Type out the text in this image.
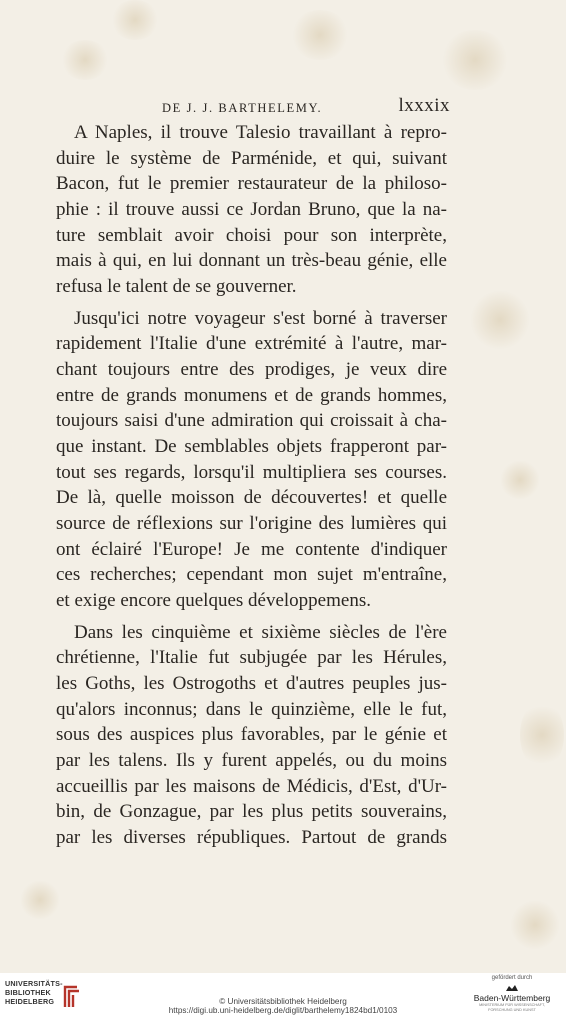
DE J. J. BARTHELEMY.	lxxxix
A Naples, il trouve Talesio travaillant à repro-
duire le système de Parménide, et qui, suivant
Bacon, fut le premier restaurateur de la philoso-
phie : il trouve aussi ce Jordan Bruno, que la na-
ture semblait avoir choisi pour son interprète,
mais à qui, en lui donnant un très-beau génie, elle
refusa le talent de se gouverner.
Jusqu'ici notre voyageur s'est borné à traverser
rapidement l'Italie d'une extrémité à l'autre, mar-
chant toujours entre des prodiges, je veux dire
entre de grands monumens et de grands hommes,
toujours saisi d'une admiration qui croissait à cha-
que instant. De semblables objets frapperont par-
tout ses regards, lorsqu'il multipliera ses courses.
De là, quelle moisson de découvertes! et quelle
source de réflexions sur l'origine des lumières qui
ont éclairé l'Europe! Je me contente d'indiquer
ces recherches; cependant mon sujet m'entraîne,
et exige encore quelques développemens.
Dans les cinquième et sixième siècles de l'ère
chrétienne, l'Italie fut subjugée par les Hérules,
les Goths, les Ostrogoths et d'autres peuples jus-
qu'alors inconnus; dans le quinzième, elle le fut,
sous des auspices plus favorables, par le génie et
par les talens. Ils y furent appelés, ou du moins
accueillis par les maisons de Médicis, d'Est, d'Ur-
bin, de Gonzague, par les plus petits souverains,
par les diverses républiques. Partout de grands
UNIVERSITÄTS-
BIBLIOTHEK
HEIDELBERG	© Universitätsbibliothek Heidelberg
https://digi.ub.uni-heidelberg.de/diglit/barthelemy1824bd1/0103
gefördert durch
Baden-Württemberg
MINISTERIUM FÜR WISSENSCHAFT, FORSCHUNG UND KUNST
